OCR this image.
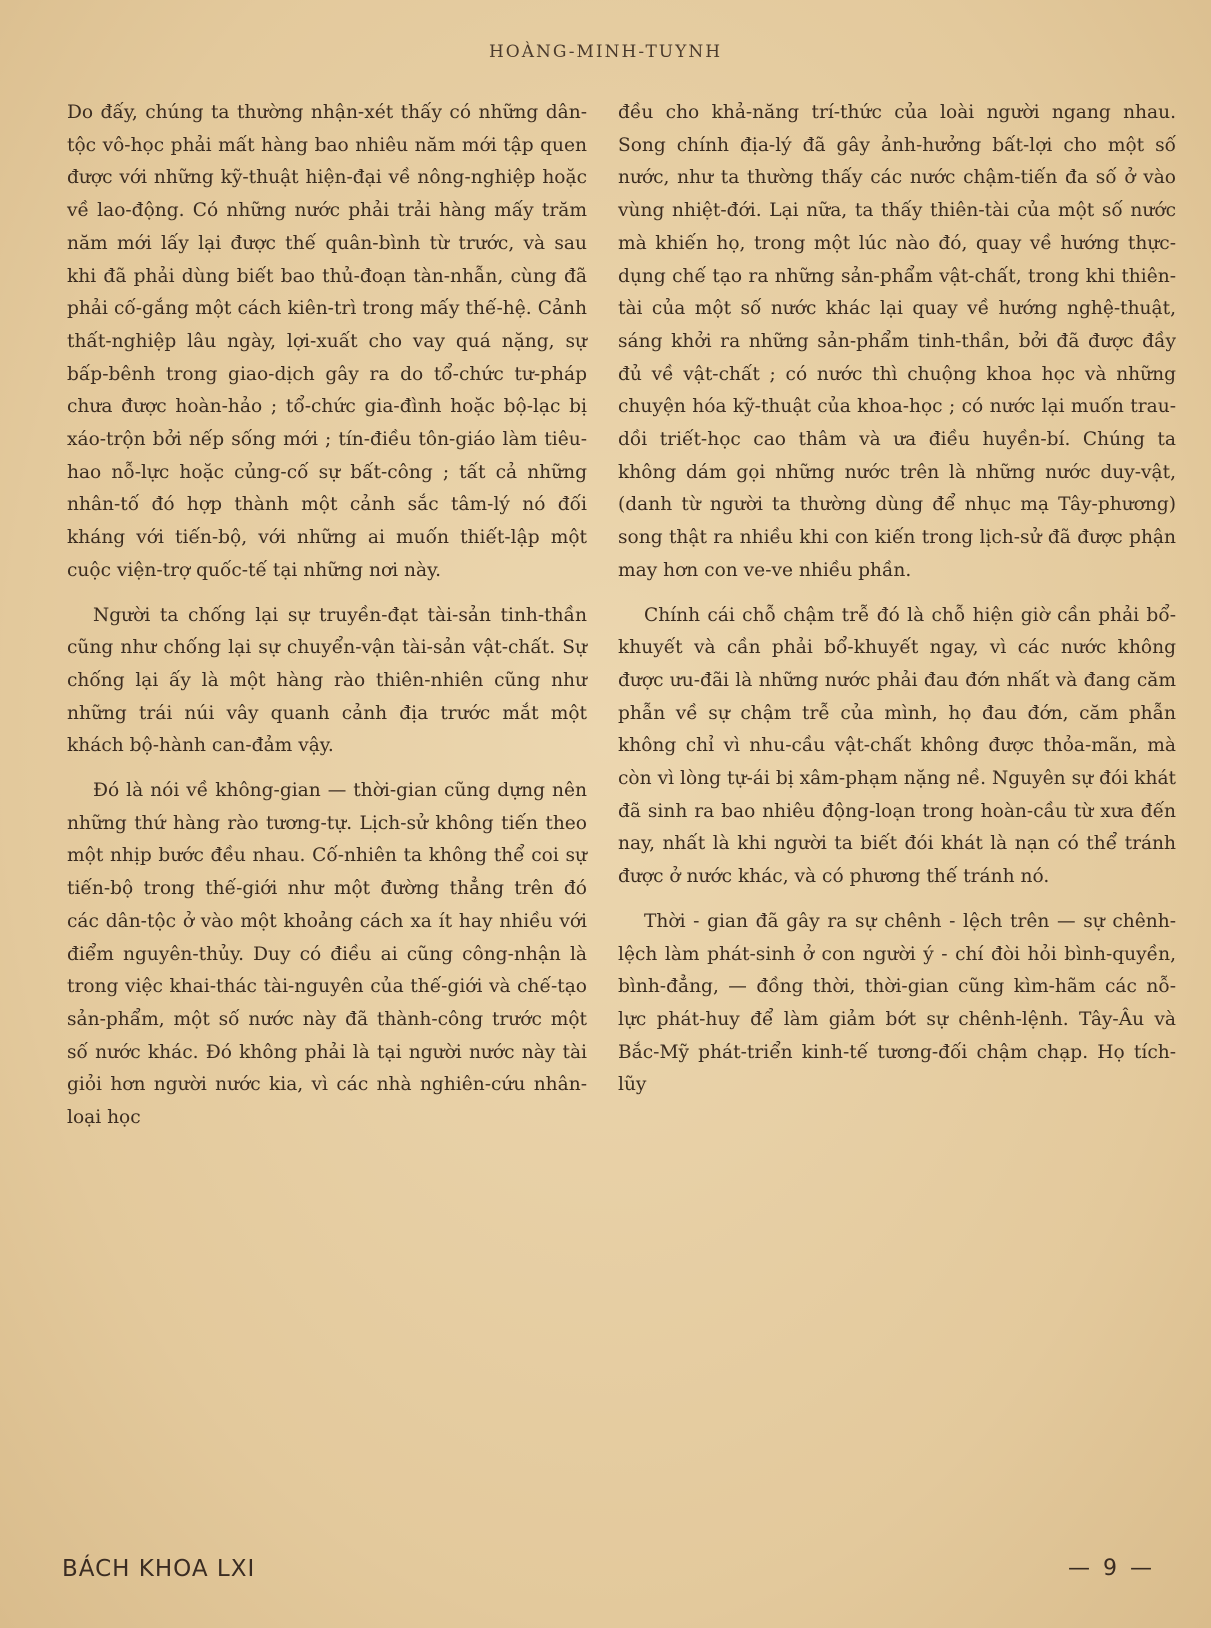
HOÀNG-MINH-TUYNH

Do đấy, chúng ta thường nhận-xét thấy có những dân-tộc vô-học phải mất hàng bao nhiêu năm mới tập quen được với những kỹ-thuật hiện-đại về nông-nghiệp hoặc về lao-động. Có những nước phải trải hàng mấy trăm năm mới lấy lại được thế quân-bình từ trước, và sau khi đã phải dùng biết bao thủ-đoạn tàn-nhẫn, cùng đã phải cố-gắng một cách kiên-trì trong mấy thế-hệ. Cảnh thất-nghiệp lâu ngày, lợi-xuất cho vay quá nặng, sự bấp-bênh trong giao-dịch gây ra do tổ-chức tư-pháp chưa được hoàn-hảo ; tổ-chức gia-đình hoặc bộ-lạc bị xáo-trộn bởi nếp sống mới ; tín-điều tôn-giáo làm tiêu-hao nỗ-lực hoặc củng-cố sự bất-công ; tất cả những nhân-tố đó hợp thành một cảnh sắc tâm-lý nó đối kháng với tiến-bộ, với những ai muốn thiết-lập một cuộc viện-trợ quốc-tế tại những nơi này.

Người ta chống lại sự truyền-đạt tài-sản tinh-thần cũng như chống lại sự chuyển-vận tài-sản vật-chất. Sự chống lại ấy là một hàng rào thiên-nhiên cũng như những trái núi vây quanh cảnh địa trước mắt một khách bộ-hành can-đảm vậy.

Đó là nói về không-gian — thời-gian cũng dựng nên những thứ hàng rào tương-tự. Lịch-sử không tiến theo một nhịp bước đều nhau. Cố-nhiên ta không thể coi sự tiến-bộ trong thế-giới như một đường thẳng trên đó các dân-tộc ở vào một khoảng cách xa ít hay nhiều với điểm nguyên-thủy. Duy có điều ai cũng công-nhận là trong việc khai-thác tài-nguyên của thế-giới và chế-tạo sản-phẩm, một số nước này đã thành-công trước một số nước khác. Đó không phải là tại người nước này tài giỏi hơn người nước kia, vì các nhà nghiên-cứu nhân-loại học

đều cho khả-năng trí-thức của loài người ngang nhau. Song chính địa-lý đã gây ảnh-hưởng bất-lợi cho một số nước, như ta thường thấy các nước chậm-tiến đa số ở vào vùng nhiệt-đới. Lại nữa, ta thấy thiên-tài của một số nước mà khiến họ, trong một lúc nào đó, quay về hướng thực-dụng chế tạo ra những sản-phẩm vật-chất, trong khi thiên-tài của một số nước khác lại quay về hướng nghệ-thuật, sáng khởi ra những sản-phẩm tinh-thần, bởi đã được đầy đủ về vật-chất ; có nước thì chuộng khoa học và những chuyện hóa kỹ-thuật của khoa-học ; có nước lại muốn trau-dồi triết-học cao thâm và ưa điều huyền-bí. Chúng ta không dám gọi những nước trên là những nước duy-vật, (danh từ người ta thường dùng để nhục mạ Tây-phương) song thật ra nhiều khi con kiến trong lịch-sử đã được phận may hơn con ve-ve nhiều phần.

Chính cái chỗ chậm trễ đó là chỗ hiện giờ cần phải bổ-khuyết và cần phải bổ-khuyết ngay, vì các nước không được ưu-đãi là những nước phải đau đớn nhất và đang căm phẫn về sự chậm trễ của mình, họ đau đớn, căm phẫn không chỉ vì nhu-cầu vật-chất không được thỏa-mãn, mà còn vì lòng tự-ái bị xâm-phạm nặng nề. Nguyên sự đói khát đã sinh ra bao nhiêu động-loạn trong hoàn-cầu từ xưa đến nay, nhất là khi người ta biết đói khát là nạn có thể tránh được ở nước khác, và có phương thế tránh nó.

Thời - gian đã gây ra sự chênh - lệch trên — sự chênh-lệch làm phát-sinh ở con người ý - chí đòi hỏi bình-quyền, bình-đẳng, — đồng thời, thời-gian cũng kìm-hãm các nỗ-lực phát-huy để làm giảm bớt sự chênh-lệnh. Tây-Âu và Bắc-Mỹ phát-triển kinh-tế tương-đối chậm chạp. Họ tích-lũy

BÁCH KHOA LXI	— 9 —
